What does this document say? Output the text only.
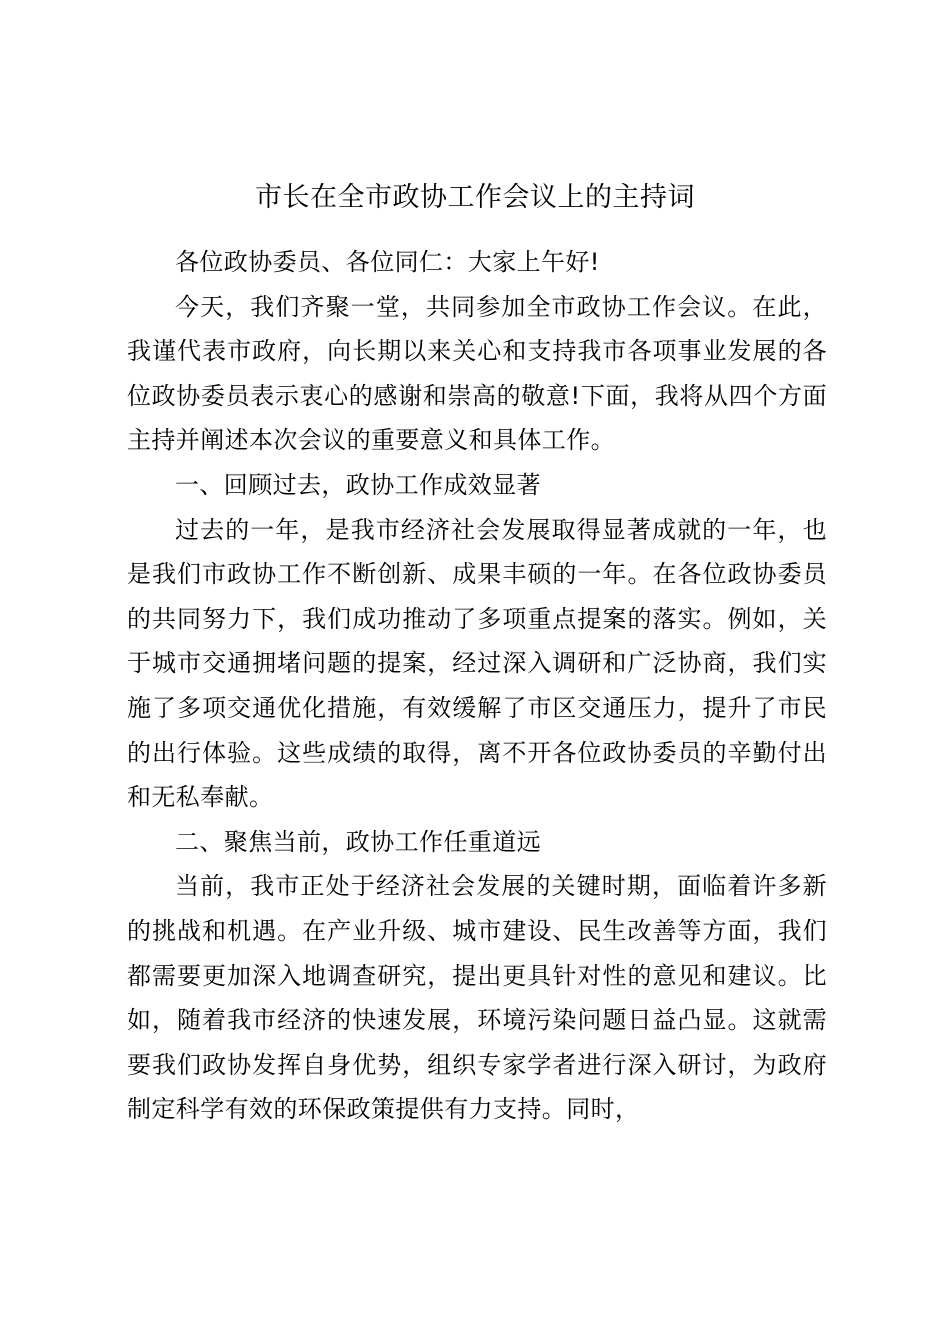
市长在全市政协工作会议上的主持词

各位政协委员、各位同仁：大家上午好!

今天，我们齐聚一堂，共同参加全市政协工作会议。在此，我谨代表市政府，向长期以来关心和支持我市各项事业发展的各位政协委员表示衷心的感谢和崇高的敬意!下面，我将从四个方面主持并阐述本次会议的重要意义和具体工作。

一、回顾过去，政协工作成效显著

过去的一年，是我市经济社会发展取得显著成就的一年，也是我们市政协工作不断创新、成果丰硕的一年。在各位政协委员的共同努力下，我们成功推动了多项重点提案的落实。例如，关于城市交通拥堵问题的提案，经过深入调研和广泛协商，我们实施了多项交通优化措施，有效缓解了市区交通压力，提升了市民的出行体验。这些成绩的取得，离不开各位政协委员的辛勤付出和无私奉献。

二、聚焦当前，政协工作任重道远

当前，我市正处于经济社会发展的关键时期，面临着许多新的挑战和机遇。在产业升级、城市建设、民生改善等方面，我们都需要更加深入地调查研究，提出更具针对性的意见和建议。比如，随着我市经济的快速发展，环境污染问题日益凸显。这就需要我们政协发挥自身优势，组织专家学者进行深入研讨，为政府制定科学有效的环保政策提供有力支持。同时，
